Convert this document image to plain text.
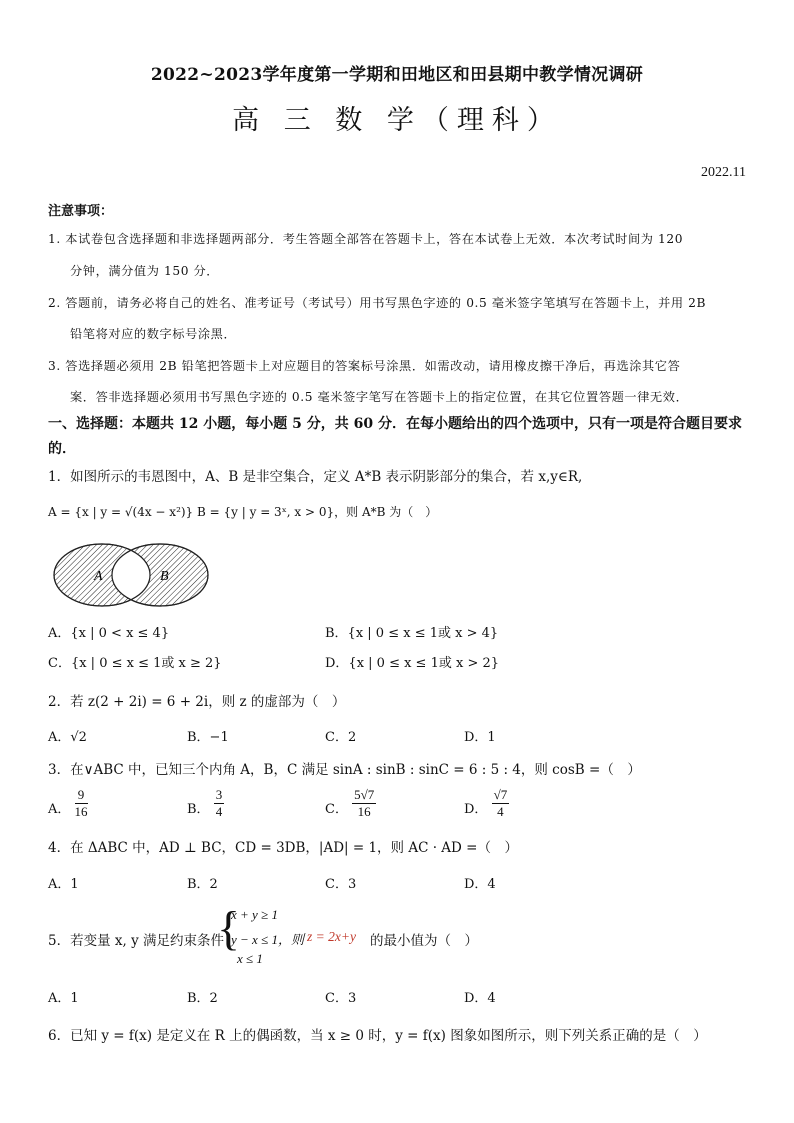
2022~2023学年度第一学期和田地区和田县期中教学情况调研
高 三 数 学（理科）
2022.11
注意事项：
1. 本试卷包含选择题和非选择题两部分．考生答题全部答在答题卡上，答在本试卷上无效．本次考试时间为 120
分钟，满分值为 150 分．
2. 答题前，请务必将自己的姓名、准考证号（考试号）用书写黑色字迹的 0.5 毫米签字笔填写在答题卡上，并用 2B
铅笔将对应的数字标号涂黑．
3. 答选择题必须用 2B 铅笔把答题卡上对应题目的答案标号涂黑．如需改动，请用橡皮擦干净后，再选涂其它答
案．答非选择题必须用书写黑色字迹的 0.5 毫米签字笔写在答题卡上的指定位置，在其它位置答题一律无效．
一、选择题：本题共 12 小题，每小题 5 分，共 60 分．在每小题给出的四个选项中，只有一项是符合题目要求
的．
1．如图所示的韦恩图中，A、B 是非空集合，定义 A*B 表示阴影部分的集合，若 x,y∈R,
A = {x | y = √(4x − x²)} B = {y | y = 3ˣ, x > 0}，则 A*B 为（　）
A	B
A．{x | 0 < x ≤ 4}	B．{x | 0 ≤ x ≤ 1或 x > 4}
C．{x | 0 ≤ x ≤ 1或 x ≥ 2}	D．{x | 0 ≤ x ≤ 1或 x > 2}
2．若 z(2 + 2i) = 6 + 2i，则 z 的虚部为（　）
A．√2	B．−1	C．2	D．1
3．在∨ABC 中，已知三个内角 A，B，C 满足 sinA : sinB : sinC = 6 : 5 : 4，则 cosB =（　）
A． $\frac{9}{16}$	B． $\frac{3}{4}$	C． $\frac{5√7}{16}$	D． $\frac{√7}{4}$
4．在 ΔABC 中，AD ⊥ BC，CD = 3DB，|AD| = 1，则 AC · AD =（　）
A．1	B．2	C．3	D．4
5．若变量 x, y 满足约束条件
{
x + y ≥ 1
y − x ≤ 1，则
x ≤ 1
z = 2x+y 的最小值为（　）
A．1	B．2	C．3	D．4
6．已知 y = f(x) 是定义在 R 上的偶函数，当 x ≥ 0 时，y = f(x) 图象如图所示，则下列关系正确的是（　）
